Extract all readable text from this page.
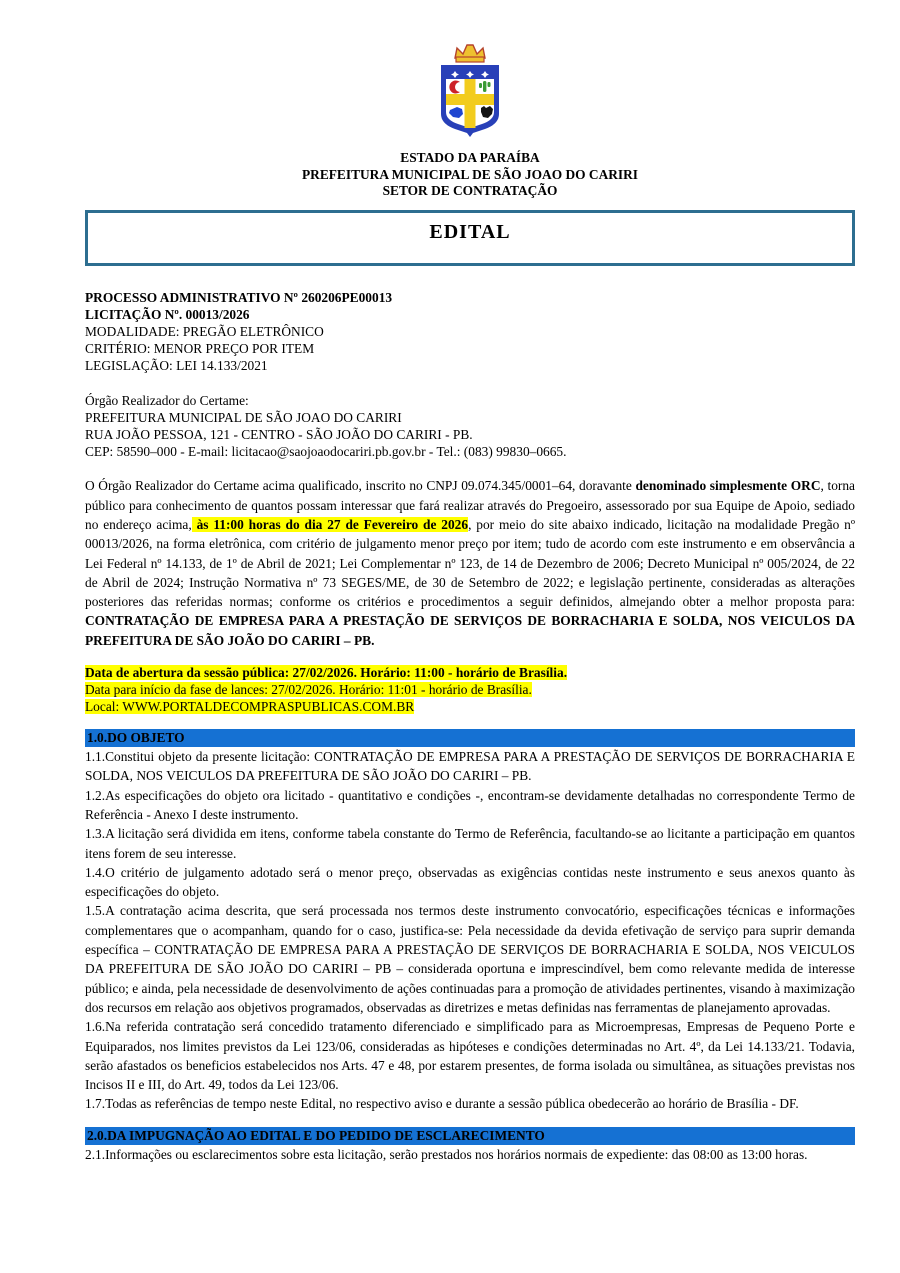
ESTADO DA PARAÍBA
PREFEITURA MUNICIPAL DE SÃO JOAO DO CARIRI
SETOR DE CONTRATAÇÃO
EDITAL
PROCESSO ADMINISTRATIVO Nº 260206PE00013
LICITAÇÃO Nº. 00013/2026
MODALIDADE: PREGÃO ELETRÔNICO
CRITÉRIO: MENOR PREÇO POR ITEM
LEGISLAÇÃO: LEI 14.133/2021
Órgão Realizador do Certame:
PREFEITURA MUNICIPAL DE SÃO JOAO DO CARIRI
RUA JOÃO PESSOA, 121 - CENTRO - SÃO JOÃO DO CARIRI - PB.
CEP: 58590–000 - E-mail: licitacao@saojoaodocariri.pb.gov.br - Tel.: (083) 99830–0665.

O Órgão Realizador do Certame acima qualificado, inscrito no CNPJ 09.074.345/0001–64, doravante denominado simplesmente ORC, torna público para conhecimento de quantos possam interessar que fará realizar através do Pregoeiro, assessorado por sua Equipe de Apoio, sediado no endereço acima, às 11:00 horas do dia 27 de Fevereiro de 2026, por meio do site abaixo indicado, licitação na modalidade Pregão nº 00013/2026, na forma eletrônica, com critério de julgamento menor preço por item; tudo de acordo com este instrumento e em observância a Lei Federal nº 14.133, de 1º de Abril de 2021; Lei Complementar nº 123, de 14 de Dezembro de 2006; Decreto Municipal nº 005/2024, de 22 de Abril de 2024; Instrução Normativa nº 73 SEGES/ME, de 30 de Setembro de 2022; e legislação pertinente, consideradas as alterações posteriores das referidas normas; conforme os critérios e procedimentos a seguir definidos, almejando obter a melhor proposta para: CONTRATAÇÃO DE EMPRESA PARA A PRESTAÇÃO DE SERVIÇOS DE BORRACHARIA E SOLDA, NOS VEICULOS DA PREFEITURA DE SÃO JOÃO DO CARIRI – PB.

Data de abertura da sessão pública: 27/02/2026. Horário: 11:00 - horário de Brasília.
Data para início da fase de lances: 27/02/2026. Horário: 11:01 - horário de Brasília.
Local: WWW.PORTALDECOMPRASPUBLICAS.COM.BR
1.0.DO OBJETO

1.1.Constitui objeto da presente licitação: CONTRATAÇÃO DE EMPRESA PARA A PRESTAÇÃO DE SERVIÇOS DE BORRACHARIA E SOLDA, NOS VEICULOS DA PREFEITURA DE SÃO JOÃO DO CARIRI – PB.

1.2.As especificações do objeto ora licitado - quantitativo e condições -, encontram-se devidamente detalhadas no correspondente Termo de Referência - Anexo I deste instrumento.

1.3.A licitação será dividida em itens, conforme tabela constante do Termo de Referência, facultando-se ao licitante a participação em quantos itens forem de seu interesse.

1.4.O critério de julgamento adotado será o menor preço, observadas as exigências contidas neste instrumento e seus anexos quanto às especificações do objeto.

1.5.A contratação acima descrita, que será processada nos termos deste instrumento convocatório, especificações técnicas e informações complementares que o acompanham, quando for o caso, justifica-se: Pela necessidade da devida efetivação de serviço para suprir demanda específica – CONTRATAÇÃO DE EMPRESA PARA A PRESTAÇÃO DE SERVIÇOS DE BORRACHARIA E SOLDA, NOS VEICULOS DA PREFEITURA DE SÃO JOÃO DO CARIRI – PB – considerada oportuna e imprescindível, bem como relevante medida de interesse público; e ainda, pela necessidade de desenvolvimento de ações continuadas para a promoção de atividades pertinentes, visando à maximização dos recursos em relação aos objetivos programados, observadas as diretrizes e metas definidas nas ferramentas de planejamento aprovadas.

1.6.Na referida contratação será concedido tratamento diferenciado e simplificado para as Microempresas, Empresas de Pequeno Porte e Equiparados, nos limites previstos da Lei 123/06, consideradas as hipóteses e condições determinadas no Art. 4º, da Lei 14.133/21. Todavia, serão afastados os beneficios estabelecidos nos Arts. 47 e 48, por estarem presentes, de forma isolada ou simultânea, as situações previstas nos Incisos II e III, do Art. 49, todos da Lei 123/06.

1.7.Todas as referências de tempo neste Edital, no respectivo aviso e durante a sessão pública obedecerão ao horário de Brasília - DF.

2.0.DA IMPUGNAÇÃO AO EDITAL E DO PEDIDO DE ESCLARECIMENTO

2.1.Informações ou esclarecimentos sobre esta licitação, serão prestados nos horários normais de expediente: das 08:00 as 13:00 horas.
